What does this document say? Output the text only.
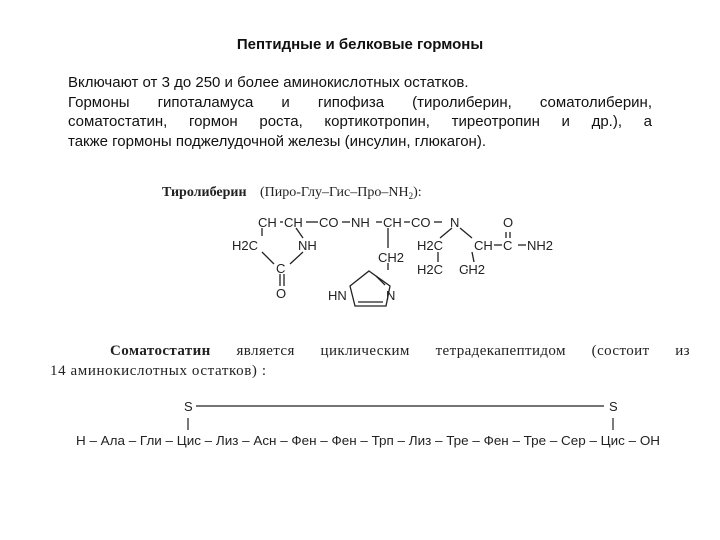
Пептидные и белковые гормоны

Включают от 3 до 250 и более аминокислотных остатков.

Гормоны гипоталамуса и гипофиза (тиролиберин, соматолиберин,

соматостатин, гормон роста, кортикотропин, тиреотропин и др.), а

также гормоны поджелудочной железы (инсулин, глюкагон).

Тиролиберин $(Пиро-Глу-Гис-Про-NH_2)$:
CH CH CO NH CH CO N
H2C	NH
C
O
CH2
H2C CH C NH2
O
H2C CH2
HN	N
Соматостатин является циклическим тетрадекапептидом (состоит из
14 аминокислотных остатков) :
S	S
Н – Ала – Гли – Цис – Лиз – Асн – Фен – Фен – Трп – Лиз – Тре – Фен – Тре – Сер – Цис – ОН
